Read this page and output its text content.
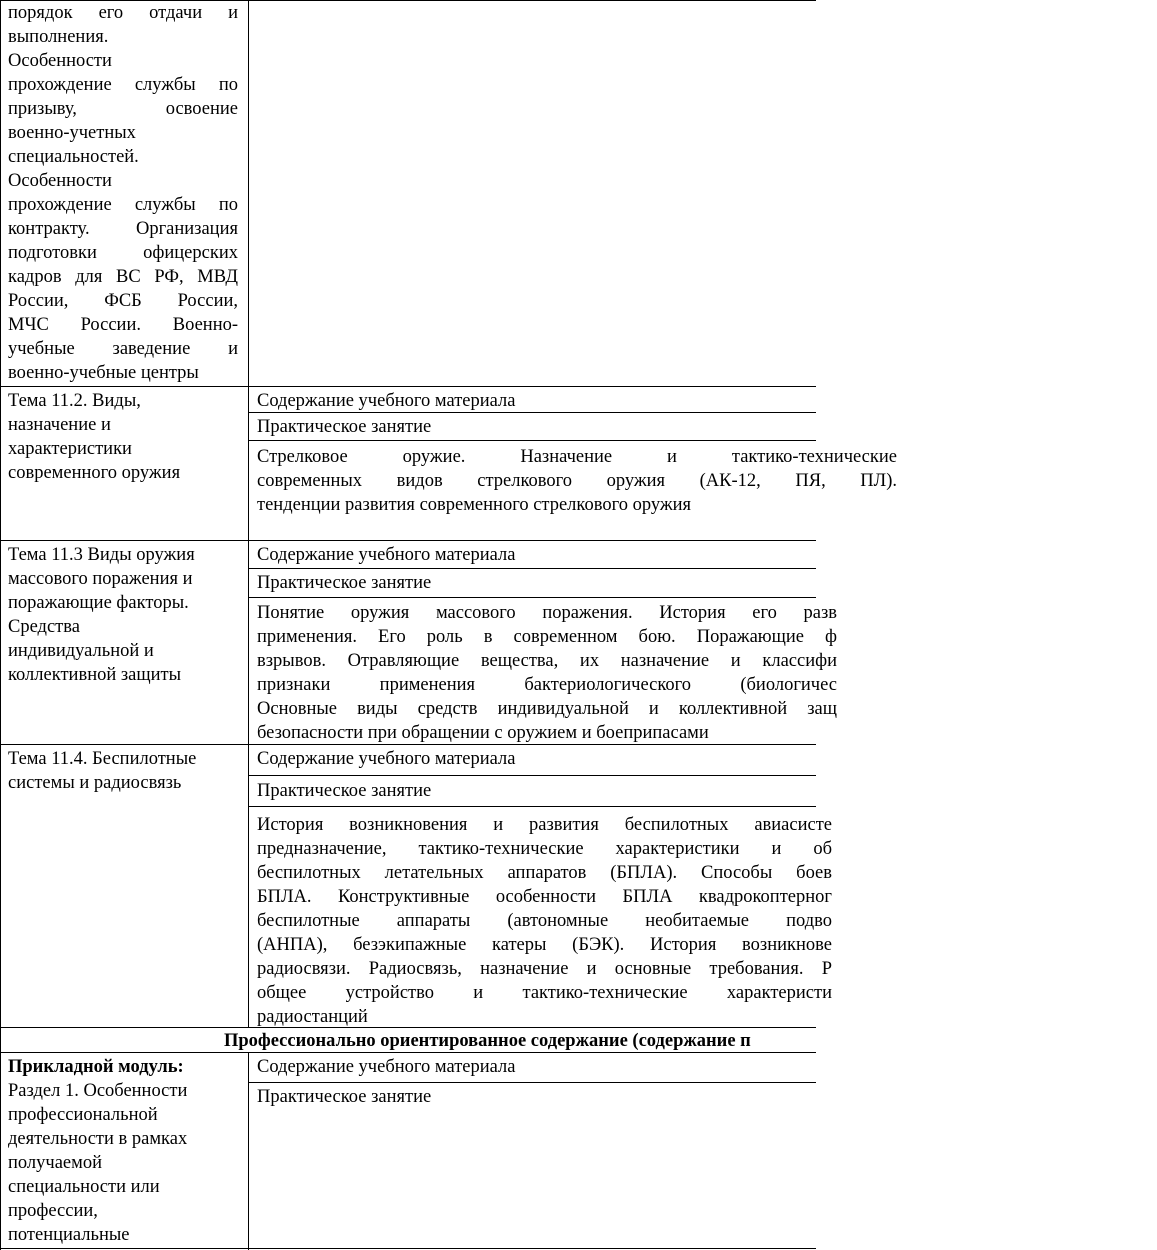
порядок его отдачи и
выполнения.
Особенности
прохождение службы по
призыву, освоение
военно-учетных
специальностей.
Особенности
прохождение службы по
контракту. Организация
подготовки офицерских
кадров для ВС РФ, МВД
России, ФСБ России,
МЧС России. Военно-
учебные заведение и
военно-учебные центры
Тема 11.2. Виды,
назначение и
характеристики
современного оружия
Тема 11.3 Виды оружия
массового поражения и
поражающие факторы.
Средства
индивидуальной и
коллективной защиты
Тема 11.4. Беспилотные
системы и радиосвязь
Прикладной модуль:
Раздел 1. Особенности
профессиональной
деятельности в рамках
получаемой
специальности или
профессии,
потенциальные
Содержание учебного материала
Практическое занятие
Стрелковое оружие. Назначение и тактико-технические
современных видов стрелкового оружия (АК-12, ПЯ, ПЛ).
тенденции развития современного стрелкового оружия
Содержание учебного материала
Практическое занятие
Понятие оружия массового поражения. История его разв
применения. Его роль в современном бою. Поражающие ф
взрывов. Отравляющие вещества, их назначение и классифи
признаки применения бактериологического (биологичес
Основные виды средств индивидуальной и коллективной защ
безопасности при обращении с оружием и боеприпасами
Содержание учебного материала
Практическое занятие
История возникновения и развития беспилотных авиасисте
предназначение, тактико-технические характеристики и об
беспилотных летательных аппаратов (БПЛА). Способы боев
БПЛА. Конструктивные особенности БПЛА квадрокоптерног
беспилотные аппараты (автономные необитаемые подво
(АНПА), безэкипажные катеры (БЭК). История возникнове
радиосвязи. Радиосвязь, назначение и основные требования. Р
общее устройство и тактико-технические характеристи
радиостанций
Содержание учебного материала
Практическое занятие
Профессионально ориентированное содержание (содержание п
